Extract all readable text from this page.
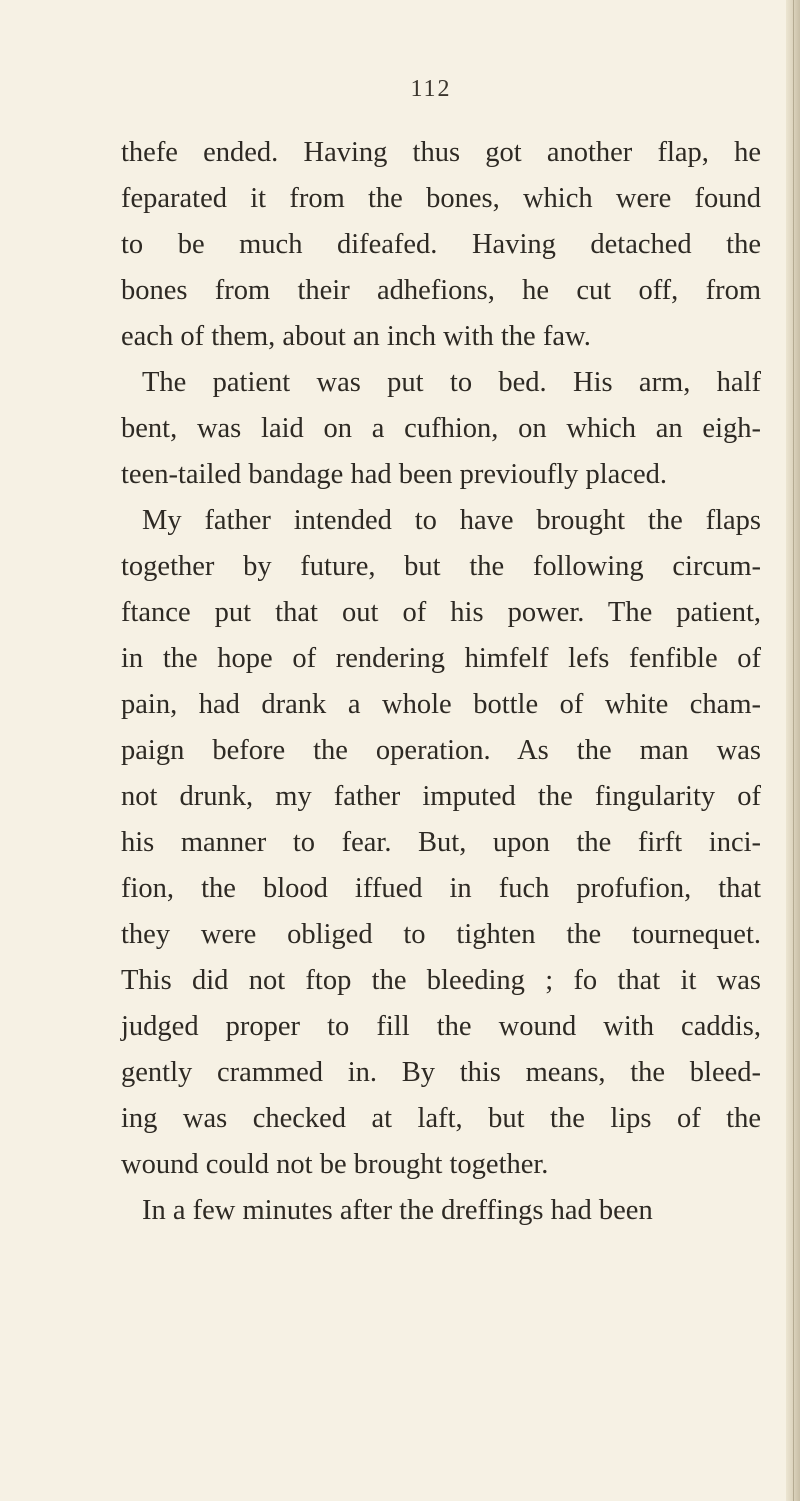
112
thefe ended. Having thus got another flap, he
feparated it from the bones, which were found
to be much difeafed. Having detached the
bones from their adhefions, he cut off, from
each of them, about an inch with the faw.
The patient was put to bed. His arm, half
bent, was laid on a cufhion, on which an eigh-
teen-tailed bandage had been previoufly placed.
My father intended to have brought the flaps
together by future, but the following circum-
ftance put that out of his power. The patient,
in the hope of rendering himfelf lefs fenfible of
pain, had drank a whole bottle of white cham-
paign before the operation. As the man was
not drunk, my father imputed the fingularity of
his manner to fear. But, upon the firft inci-
fion, the blood iffued in fuch profufion, that
they were obliged to tighten the tournequet.
This did not ftop the bleeding ; fo that it was
judged proper to fill the wound with caddis,
gently crammed in. By this means, the bleed-
ing was checked at laft, but the lips of the
wound could not be brought together.
In a few minutes after the dreffings had been
